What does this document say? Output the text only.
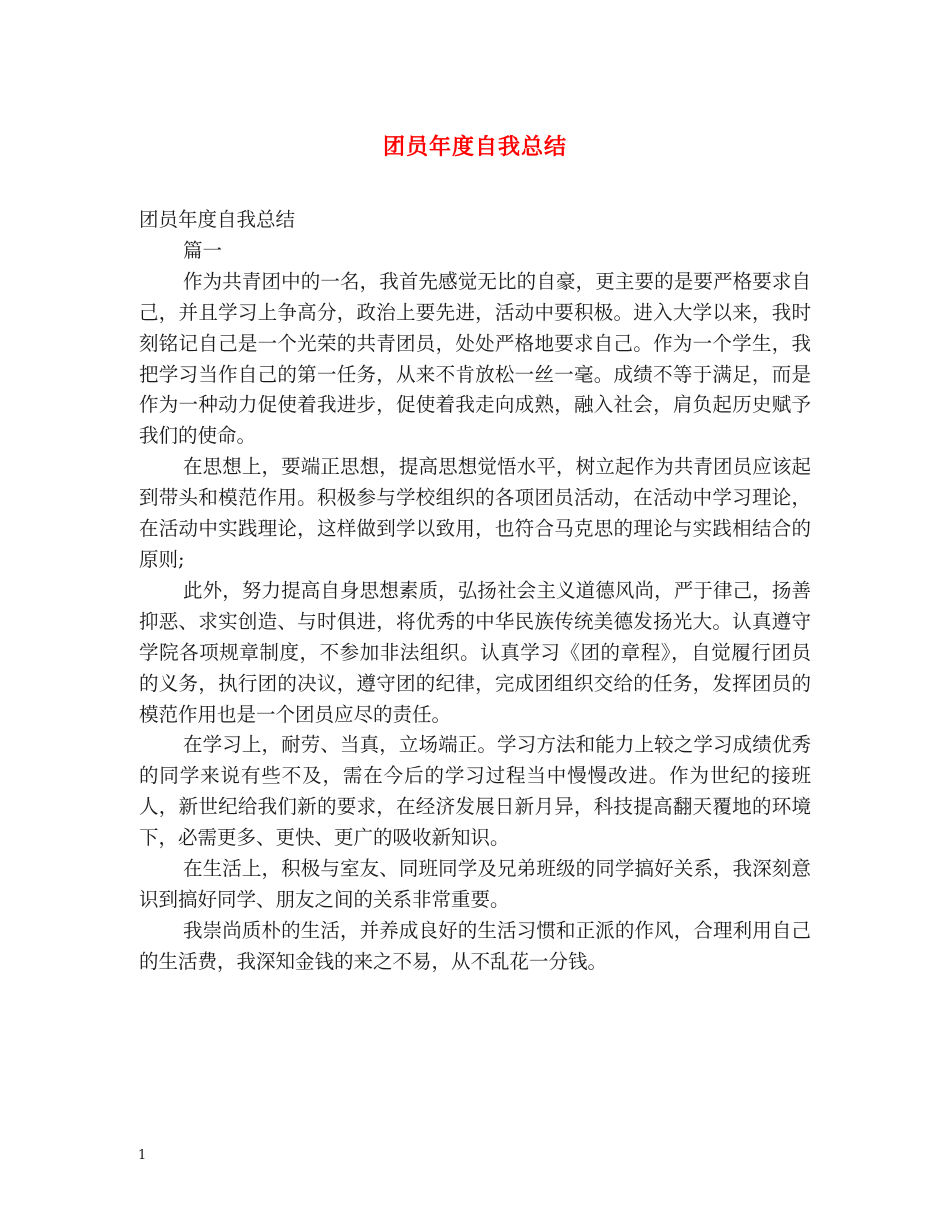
团员年度自我总结

团员年度自我总结

篇一

作为共青团中的一名，我首先感觉无比的自豪，更主要的是要严格要求自己，并且学习上争高分，政治上要先进，活动中要积极。进入大学以来，我时刻铭记自己是一个光荣的共青团员，处处严格地要求自己。作为一个学生，我把学习当作自己的第一任务，从来不肯放松一丝一毫。成绩不等于满足，而是作为一种动力促使着我进步，促使着我走向成熟，融入社会，肩负起历史赋予我们的使命。

在思想上，要端正思想，提高思想觉悟水平，树立起作为共青团员应该起到带头和模范作用。积极参与学校组织的各项团员活动，在活动中学习理论，在活动中实践理论，这样做到学以致用，也符合马克思的理论与实践相结合的原则;

此外，努力提高自身思想素质，弘扬社会主义道德风尚，严于律己，扬善抑恶、求实创造、与时俱进，将优秀的中华民族传统美德发扬光大。认真遵守学院各项规章制度，不参加非法组织。认真学习《团的章程》，自觉履行团员的义务，执行团的决议，遵守团的纪律，完成团组织交给的任务，发挥团员的模范作用也是一个团员应尽的责任。

在学习上，耐劳、当真，立场端正。学习方法和能力上较之学习成绩优秀的同学来说有些不及，需在今后的学习过程当中慢慢改进。作为世纪的接班人，新世纪给我们新的要求，在经济发展日新月异，科技提高翻天覆地的环境下，必需更多、更快、更广的吸收新知识。

在生活上，积极与室友、同班同学及兄弟班级的同学搞好关系，我深刻意识到搞好同学、朋友之间的关系非常重要。

我崇尚质朴的生活，并养成良好的生活习惯和正派的作风，合理利用自己的生活费，我深知金钱的来之不易，从不乱花一分钱。

1
